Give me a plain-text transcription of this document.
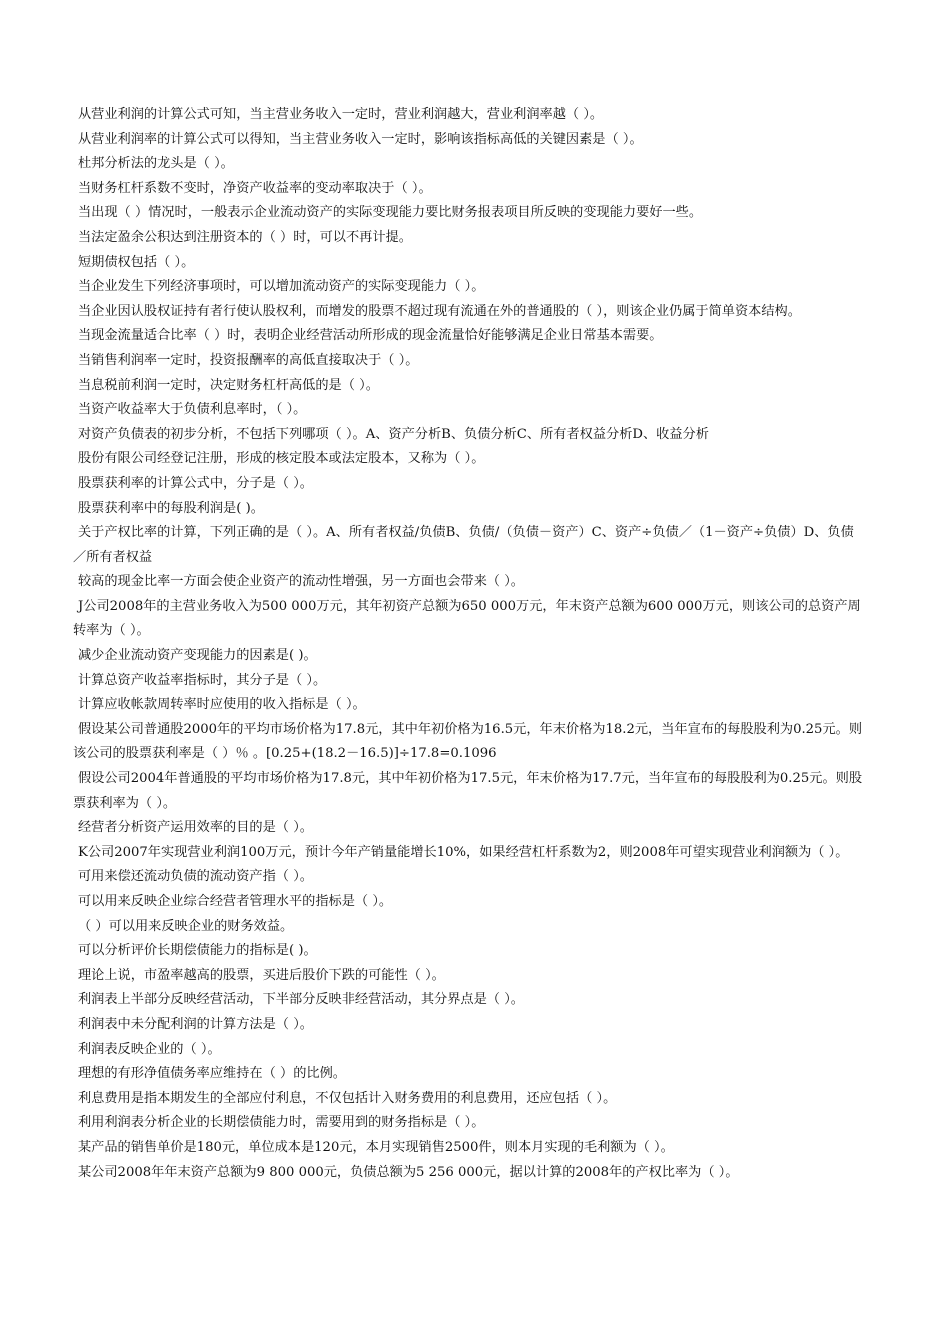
从营业利润的计算公式可知，当主营业务收入一定时，营业利润越大，营业利润率越（ ）。

从营业利润率的计算公式可以得知，当主营业务收入一定时，影响该指标高低的关键因素是（ ）。

杜邦分析法的龙头是（ ）。

当财务杠杆系数不变时，净资产收益率的变动率取决于（ ）。

当出现（ ）情况时，一般表示企业流动资产的实际变现能力要比财务报表项目所反映的变现能力要好一些。

当法定盈余公积达到注册资本的（ ）时，可以不再计提。

短期债权包括（ ）。

当企业发生下列经济事项时，可以增加流动资产的实际变现能力（ ）。

当企业因认股权证持有者行使认股权利，而增发的股票不超过现有流通在外的普通股的（ ），则该企业仍属于简单资本结构。

当现金流量适合比率（ ）时，表明企业经营活动所形成的现金流量恰好能够满足企业日常基本需要。

当销售利润率一定时，投资报酬率的高低直接取决于（ ）。

当息税前利润一定时，决定财务杠杆高低的是（ ）。

当资产收益率大于负债利息率时，（ ）。

对资产负债表的初步分析，不包括下列哪项（ ）。A、资产分析B、负债分析C、所有者权益分析D、收益分析

股份有限公司经登记注册，形成的核定股本或法定股本，又称为（ ）。

股票获利率的计算公式中，分子是（ ）。

股票获利率中的每股利润是( )。

关于产权比率的计算，下列正确的是（ ）。A、所有者权益/负债B、负债/（负债－资产）C、资产÷负债／（1－资产÷负债）D、负债／所有者权益

较高的现金比率一方面会使企业资产的流动性增强，另一方面也会带来（ ）。

J公司2008年的主营业务收入为500 000万元，其年初资产总额为650 000万元，年末资产总额为600 000万元，则该公司的总资产周转率为（ ）。

减少企业流动资产变现能力的因素是( )。

计算总资产收益率指标时，其分子是（ ）。

计算应收帐款周转率时应使用的收入指标是（ ）。

假设某公司普通股2000年的平均市场价格为17.8元，其中年初价格为16.5元，年末价格为18.2元，当年宣布的每股股利为0.25元。则该公司的股票获利率是（ ）％ 。[0.25+(18.2－16.5)]÷17.8=0.1096

假设公司2004年普通股的平均市场价格为17.8元，其中年初价格为17.5元，年末价格为17.7元，当年宣布的每股股利为0.25元。则股票获利率为（ ）。

经营者分析资产运用效率的目的是（ ）。

K公司2007年实现营业利润100万元，预计今年产销量能增长10%，如果经营杠杆系数为2，则2008年可望实现营业利润额为（ ）。

可用来偿还流动负债的流动资产指（ ）。

可以用来反映企业综合经营者管理水平的指标是（ ）。

（ ）可以用来反映企业的财务效益。

可以分析评价长期偿债能力的指标是( )。

理论上说，市盈率越高的股票，买进后股价下跌的可能性（ ）。

利润表上半部分反映经营活动，下半部分反映非经营活动，其分界点是（ ）。

利润表中未分配利润的计算方法是（ ）。

利润表反映企业的（ ）。

理想的有形净值债务率应维持在（ ）的比例。

利息费用是指本期发生的全部应付利息，不仅包括计入财务费用的利息费用，还应包括（ ）。

利用利润表分析企业的长期偿债能力时，需要用到的财务指标是（ ）。

某产品的销售单价是180元，单位成本是120元，本月实现销售2500件，则本月实现的毛利额为（ ）。

某公司2008年年末资产总额为9 800 000元，负债总额为5 256 000元，据以计算的2008年的产权比率为（ ）。
